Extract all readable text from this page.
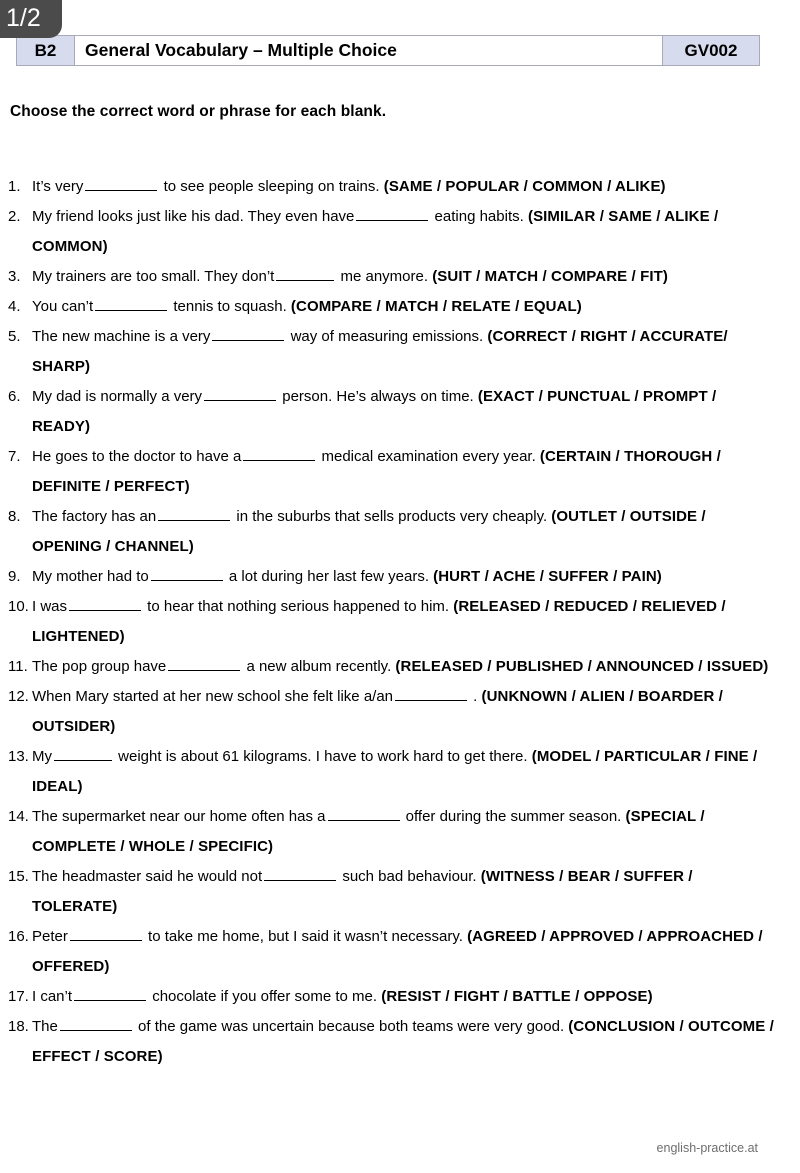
1/2
B2	General Vocabulary – Multiple Choice	GV002
Choose the correct word or phrase for each blank.
1. It’s very	to see people sleeping on trains. (SAME / POPULAR / COMMON / ALIKE)
2. My friend looks just like his dad. They even have	eating habits. (SIMILAR / SAME / ALIKE / COMMON)
3. My trainers are too small. They don’t	me anymore. (SUIT / MATCH / COMPARE / FIT)
4. You can’t	tennis to squash. (COMPARE / MATCH / RELATE / EQUAL)
5. The new machine is a very	way of measuring emissions. (CORRECT / RIGHT / ACCURATE/ SHARP)
6. My dad is normally a very	person. He’s always on time. (EXACT / PUNCTUAL / PROMPT / READY)
7. He goes to the doctor to have a	medical examination every year. (CERTAIN / THOROUGH / DEFINITE / PERFECT)
8. The factory has an	in the suburbs that sells products very cheaply. (OUTLET / OUTSIDE / OPENING / CHANNEL)
9. My mother had to	a lot during her last few years. (HURT / ACHE / SUFFER / PAIN)
10. I was	to hear that nothing serious happened to him. (RELEASED / REDUCED / RELIEVED / LIGHTENED)
11. The pop group have	a new album recently. (RELEASED / PUBLISHED / ANNOUNCED / ISSUED)
12. When Mary started at her new school she felt like a/an	. (UNKNOWN / ALIEN / BOARDER / OUTSIDER)
13. My	weight is about 61 kilograms. I have to work hard to get there. (MODEL / PARTICULAR / FINE / IDEAL)
14. The supermarket near our home often has a	offer during the summer season. (SPECIAL / COMPLETE / WHOLE / SPECIFIC)
15. The headmaster said he would not	such bad behaviour. (WITNESS / BEAR / SUFFER / TOLERATE)
16. Peter	to take me home, but I said it wasn’t necessary. (AGREED / APPROVED / APPROACHED / OFFERED)
17. I can’t	chocolate if you offer some to me. (RESIST / FIGHT / BATTLE / OPPOSE)
18. The	of the game was uncertain because both teams were very good. (CONCLUSION / OUTCOME / EFFECT / SCORE)
english-practice.at
